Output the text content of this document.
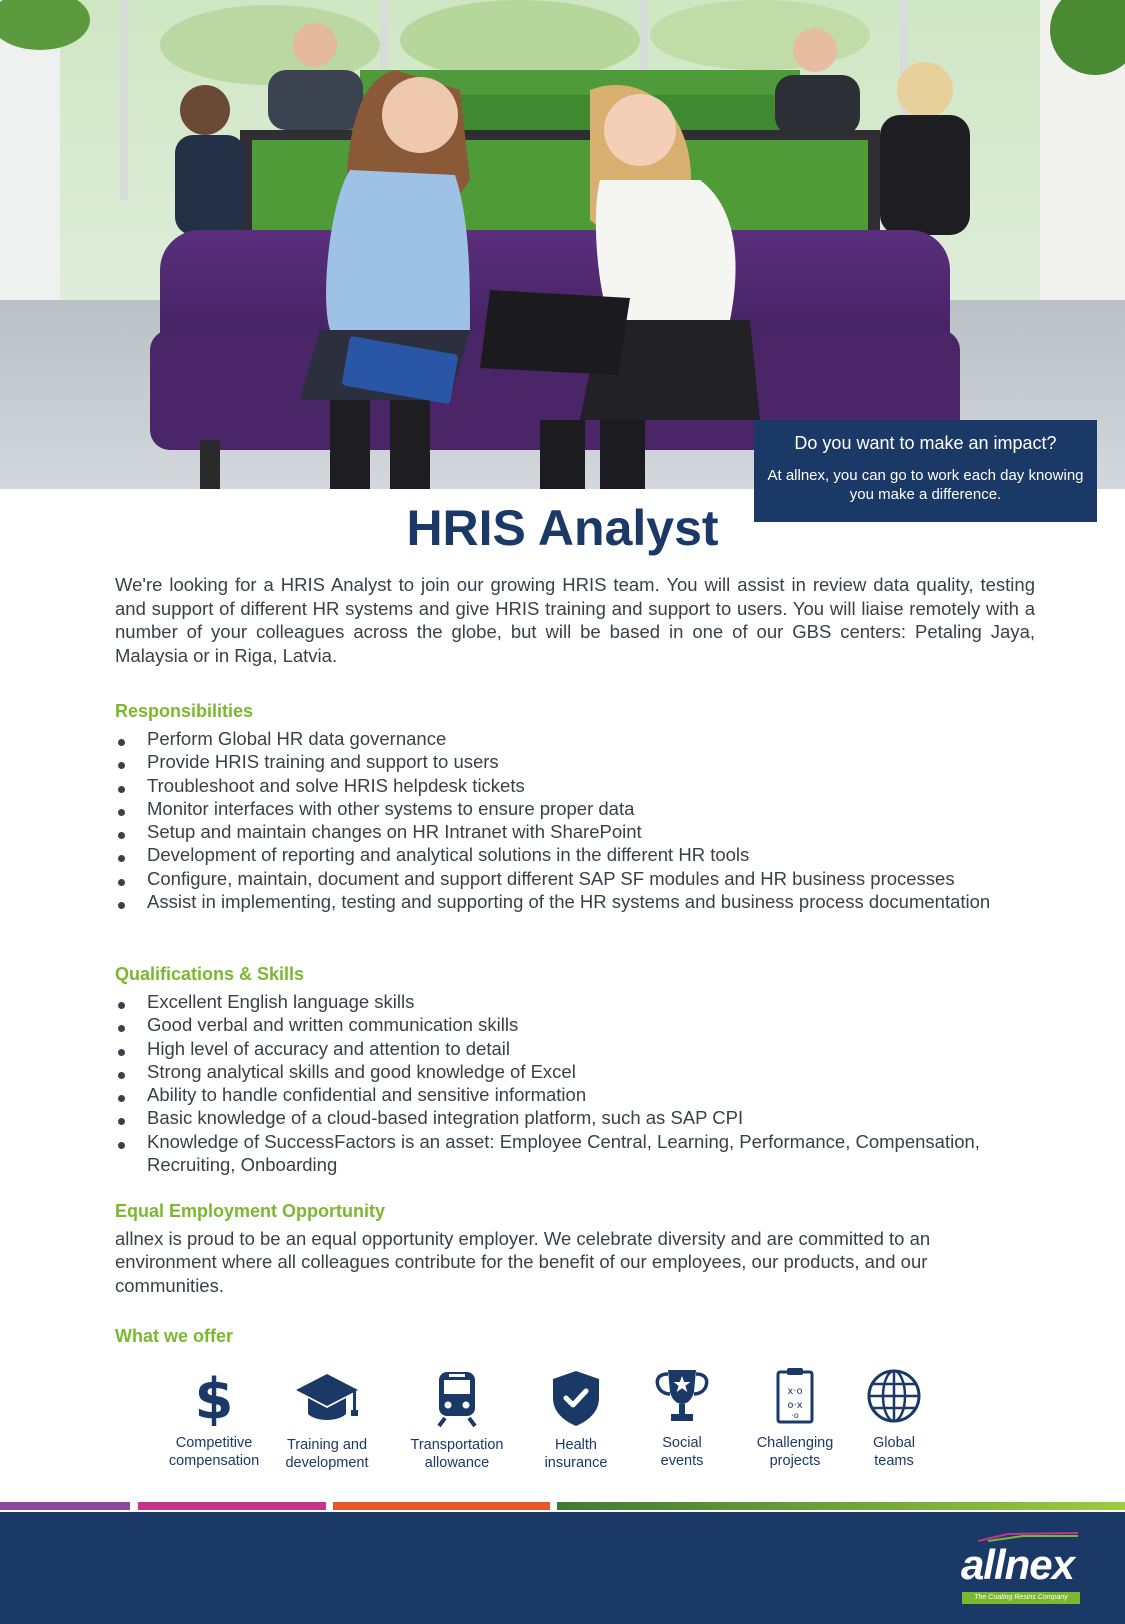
Do you want to make an impact?
At allnex, you can go to work each day knowing you make a difference.
HRIS Analyst
We're looking for a HRIS Analyst to join our growing HRIS team. You will assist in review data quality, testing and support of different HR systems and give HRIS training and support to users. You will liaise remotely with a number of your colleagues across the globe, but will be based in one of our GBS centers: Petaling Jaya, Malaysia or in Riga, Latvia.
Responsibilities
Perform Global HR data governance
Provide HRIS training and support to users
Troubleshoot and solve HRIS helpdesk tickets
Monitor interfaces with other systems to ensure proper data
Setup and maintain changes on HR Intranet with SharePoint
Development of reporting and analytical solutions in the different HR tools
Configure, maintain, document and support different SAP SF modules and HR business processes
Assist in implementing, testing and supporting of the HR systems and business process documentation
Qualifications & Skills
Excellent English language skills
Good verbal and written communication skills
High level of accuracy and attention to detail
Strong analytical skills and good knowledge of Excel
Ability to handle confidential and sensitive information
Basic knowledge of a cloud-based integration platform, such as SAP CPI
Knowledge of SuccessFactors is an asset: Employee Central, Learning, Performance, Compensation, Recruiting, Onboarding
Equal Employment Opportunity
allnex is proud to be an equal opportunity employer. We celebrate diversity and are committed to an environment where all colleagues contribute for the benefit of our employees, our products, and our communities.
What we offer
$
Competitive
compensation
Training and
development
Transportation
allowance
Health
insurance
Social
events
x·o
o·x
·o
Challenging
projects
Global
teams
allnex
The Coating Resins Company
